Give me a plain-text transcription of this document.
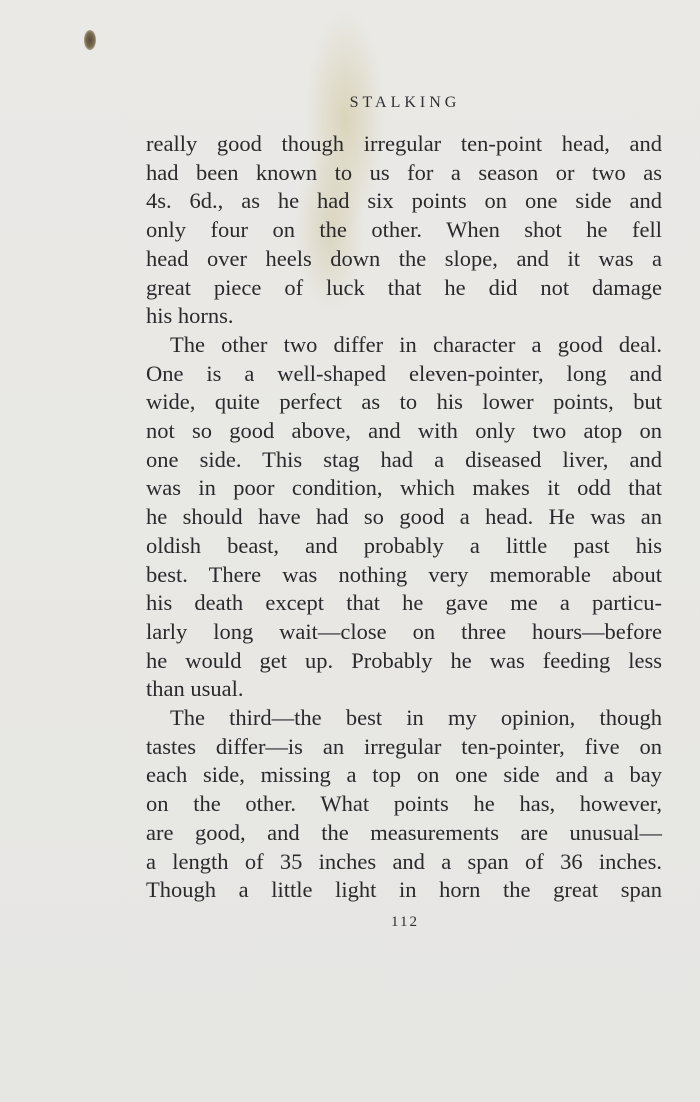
STALKING

really good though irregular ten-point head, and
had been known to us for a season or two as
4s. 6d., as he had six points on one side and
only four on the other. When shot he fell
head over heels down the slope, and it was a
great piece of luck that he did not damage
his horns.

The other two differ in character a good deal.
One is a well-shaped eleven-pointer, long and
wide, quite perfect as to his lower points, but
not so good above, and with only two atop on
one side. This stag had a diseased liver, and
was in poor condition, which makes it odd that
he should have had so good a head. He was an
oldish beast, and probably a little past his
best. There was nothing very memorable about
his death except that he gave me a particu-
larly long wait—close on three hours—before
he would get up. Probably he was feeding less
than usual.

The third—the best in my opinion, though
tastes differ—is an irregular ten-pointer, five on
each side, missing a top on one side and a bay
on the other. What points he has, however,
are good, and the measurements are unusual—
a length of 35 inches and a span of 36 inches.
Though a little light in horn the great span

112
